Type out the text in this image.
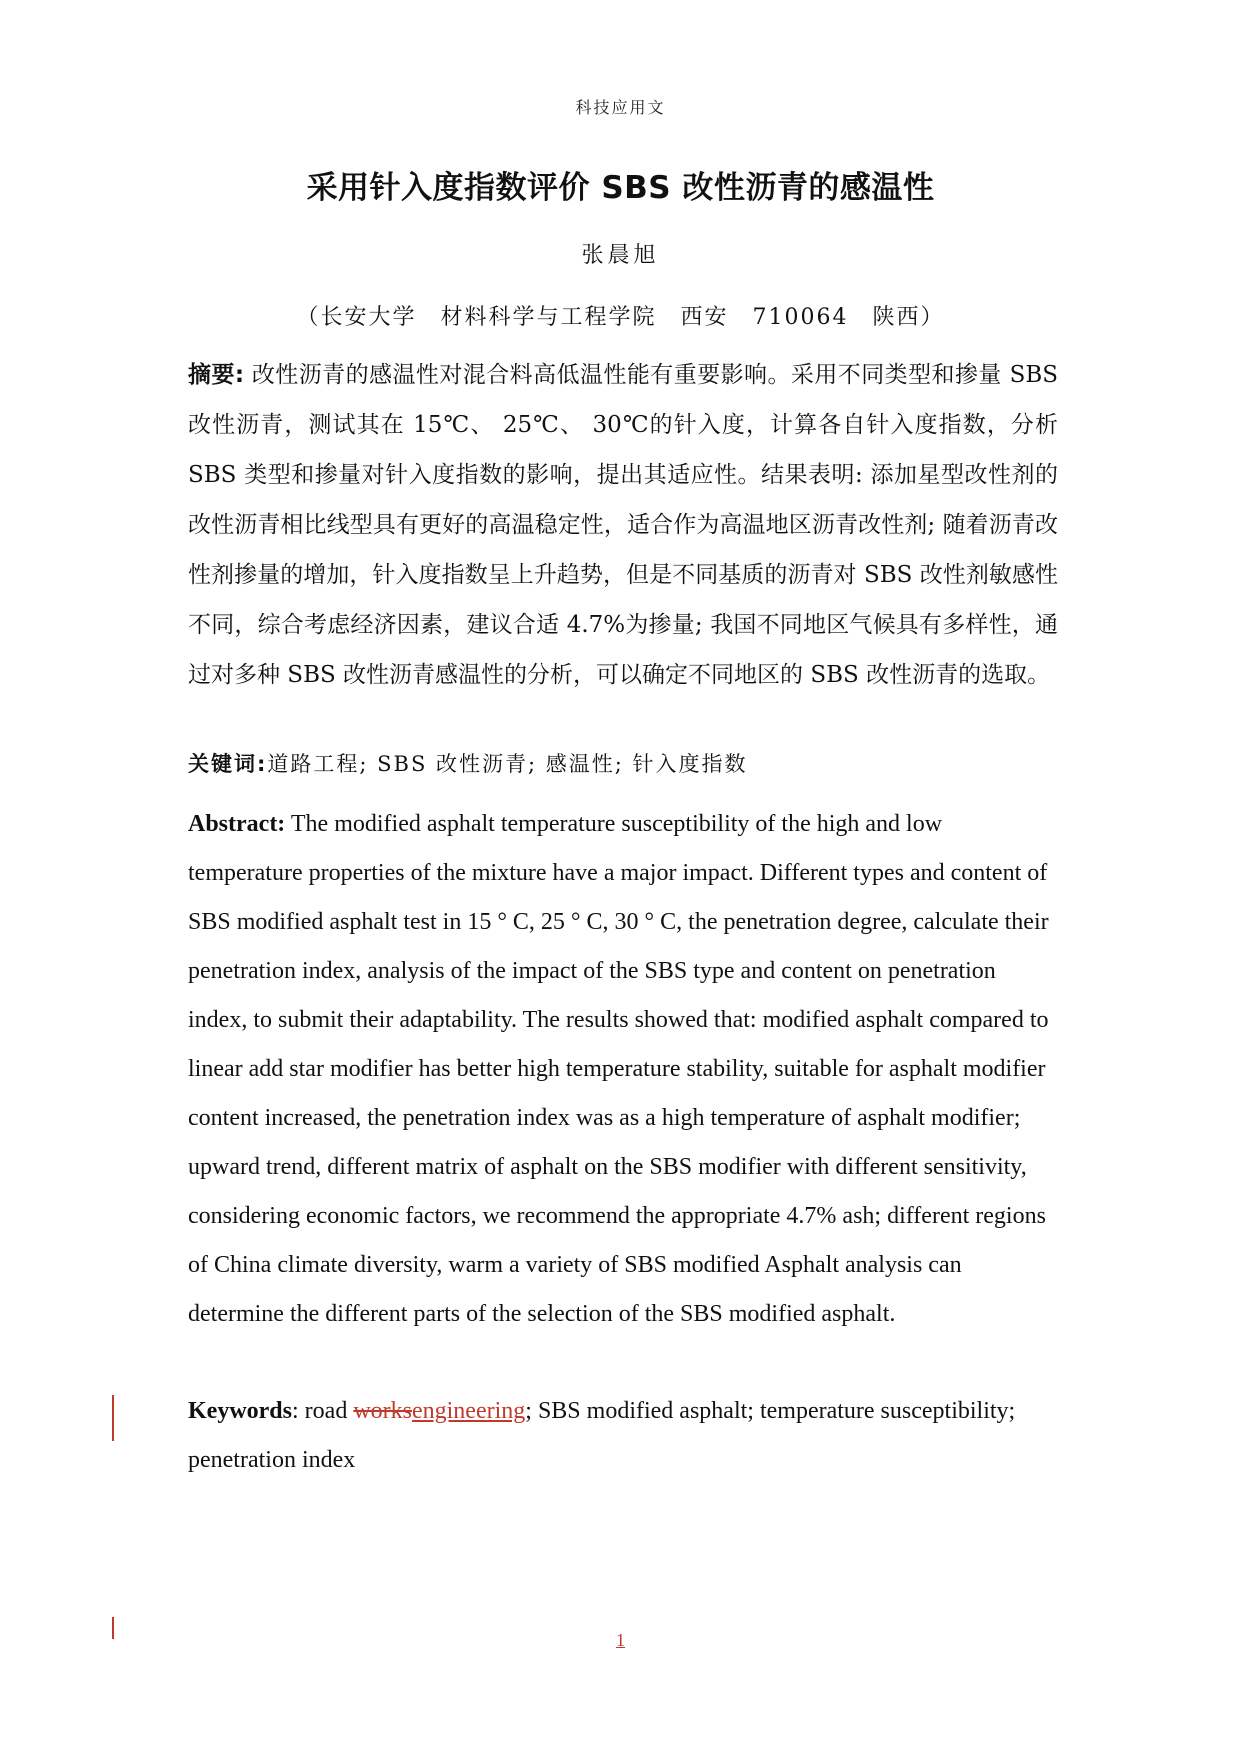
科技应用文
采用针入度指数评价 SBS 改性沥青的感温性
张晨旭
（长安大学　材料科学与工程学院　西安　710064　陕西）
摘要: 改性沥青的感温性对混合料高低温性能有重要影响。采用不同类型和掺量 SBS 改性沥青，测试其在 15℃、 25℃、 30℃的针入度，计算各自针入度指数，分析 SBS 类型和掺量对针入度指数的影响，提出其适应性。结果表明: 添加星型改性剂的改性沥青相比线型具有更好的高温稳定性，适合作为高温地区沥青改性剂; 随着沥青改性剂掺量的增加，针入度指数呈上升趋势，但是不同基质的沥青对 SBS 改性剂敏感性不同，综合考虑经济因素，建议合适 4.7%为掺量; 我国不同地区气候具有多样性，通过对多种 SBS 改性沥青感温性的分析，可以确定不同地区的 SBS 改性沥青的选取。
关键词:道路工程; SBS 改性沥青; 感温性; 针入度指数
Abstract: The modified asphalt temperature susceptibility of the high and low temperature properties of the mixture have a major impact. Different types and content of SBS modified asphalt test in 15 ° C, 25 ° C, 30 ° C, the penetration degree, calculate their penetration index, analysis of the impact of the SBS type and content on penetration index, to submit their adaptability. The results showed that: modified asphalt compared to linear add star modifier has better high temperature stability, suitable for asphalt modifier content increased, the penetration index was as a high temperature of asphalt modifier; upward trend, different matrix of asphalt on the SBS modifier with different sensitivity, considering economic factors, we recommend the appropriate 4.7% ash; different regions of China climate diversity, warm a variety of SBS modified Asphalt analysis can determine the different parts of the selection of the SBS modified asphalt.
Keywords: road worksengineering; SBS modified asphalt; temperature susceptibility; penetration index
1
